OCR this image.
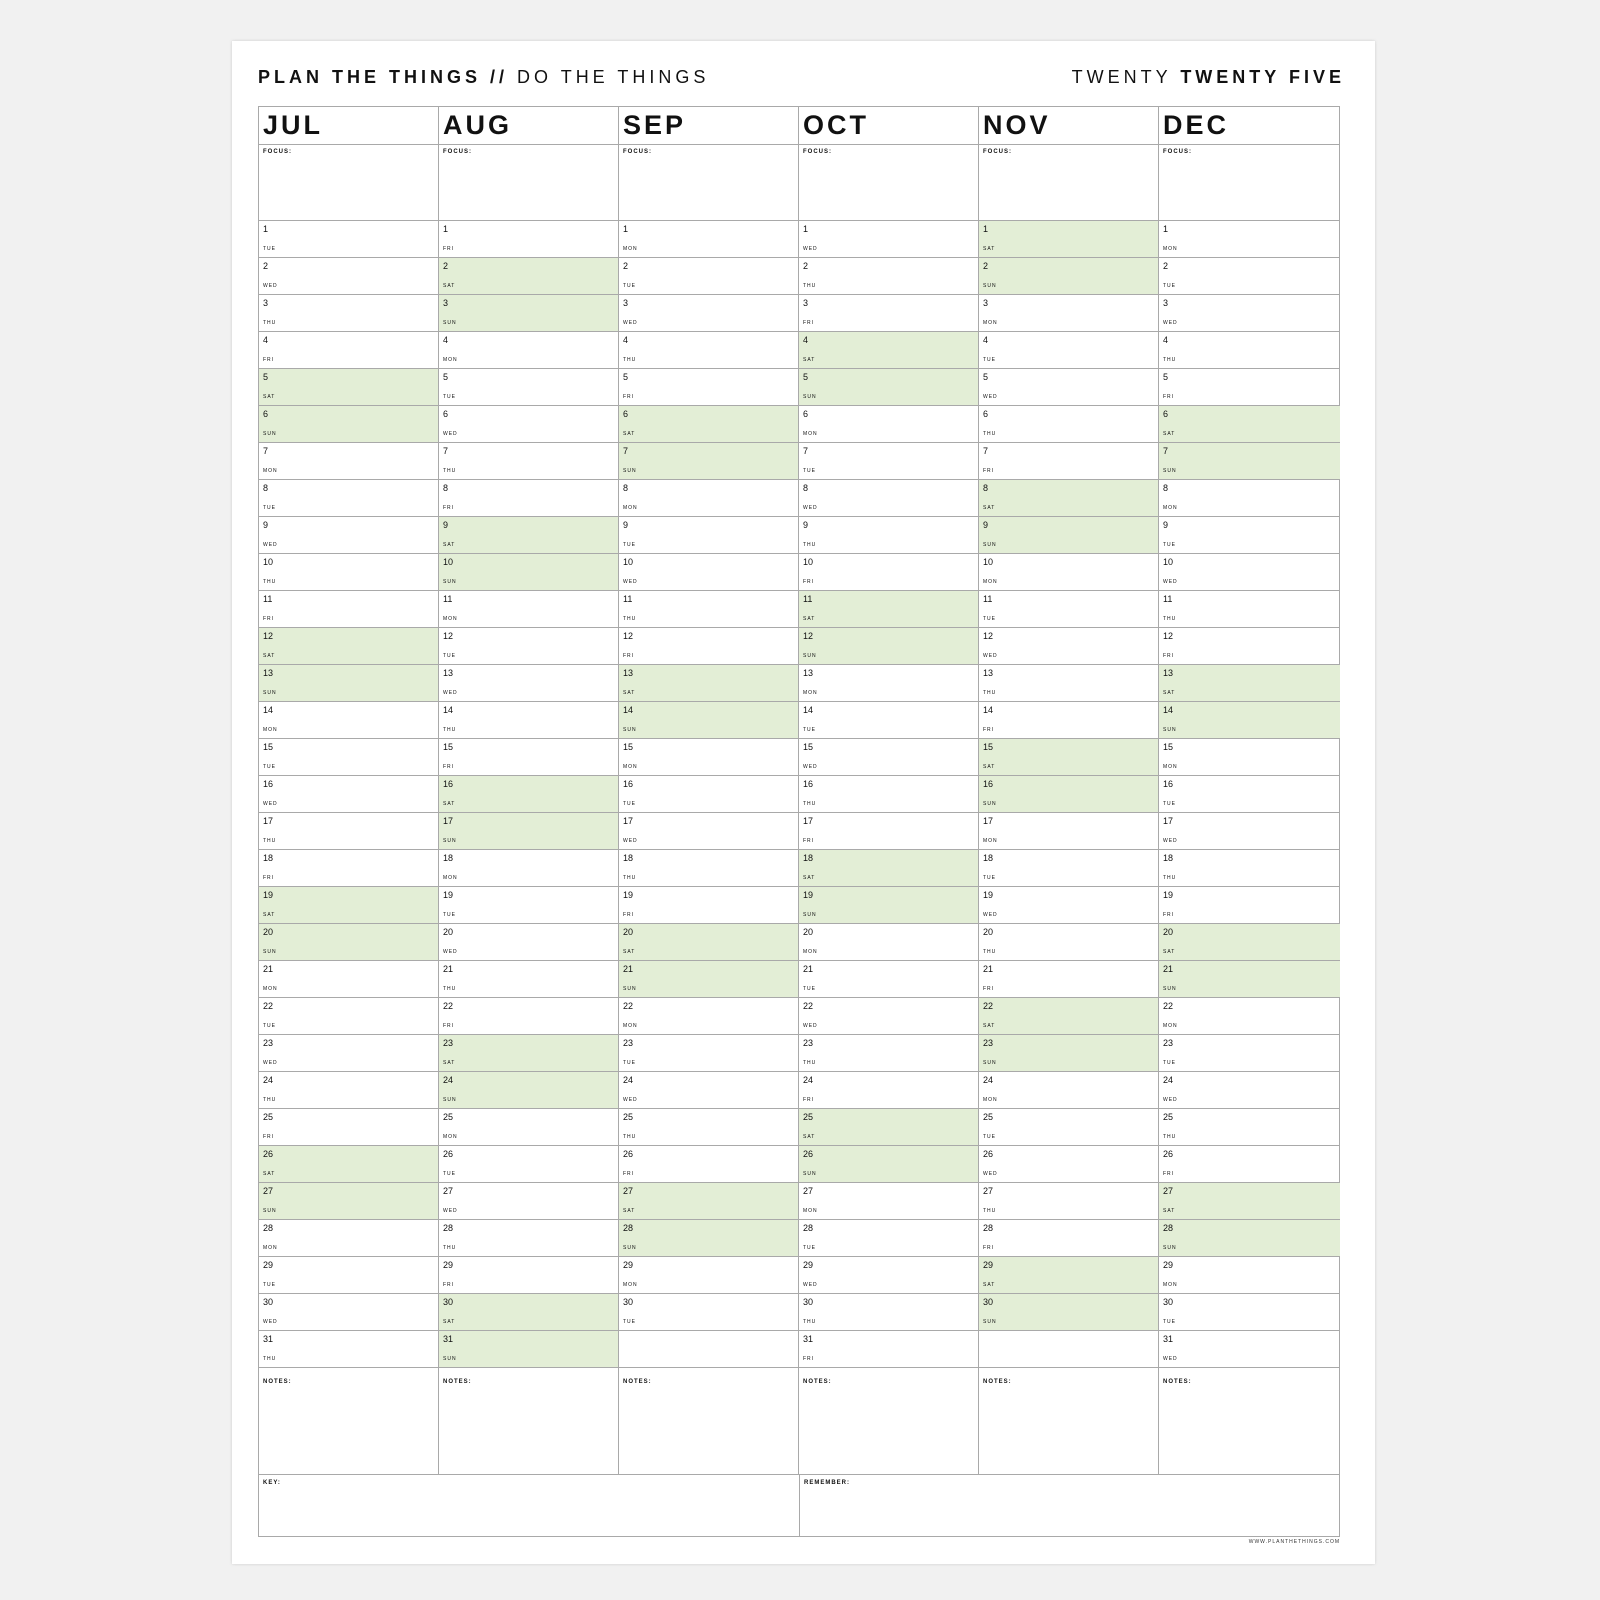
PLAN THE THINGS // DO THE THINGS	TWENTY TWENTY FIVE
KEY:	REMEMBER:
JUL
FOCUS:
1
TUE
2
WED
3
THU
4
FRI
5
SAT
6
SUN
7
MON
8
TUE
9
WED
10
THU
11
FRI
12
SAT
13
SUN
14
MON
15
TUE
16
WED
17
THU
18
FRI
19
SAT
20
SUN
21
MON
22
TUE
23
WED
24
THU
25
FRI
26
SAT
27
SUN
28
MON
29
TUE
30
WED
31
THU
NOTES:
AUG
FOCUS:
1
FRI
2
SAT
3
SUN
4
MON
5
TUE
6
WED
7
THU
8
FRI
9
SAT
10
SUN
11
MON
12
TUE
13
WED
14
THU
15
FRI
16
SAT
17
SUN
18
MON
19
TUE
20
WED
21
THU
22
FRI
23
SAT
24
SUN
25
MON
26
TUE
27
WED
28
THU
29
FRI
30
SAT
31
SUN
NOTES:
SEP
FOCUS:
1
MON
2
TUE
3
WED
4
THU
5
FRI
6
SAT
7
SUN
8
MON
9
TUE
10
WED
11
THU
12
FRI
13
SAT
14
SUN
15
MON
16
TUE
17
WED
18
THU
19
FRI
20
SAT
21
SUN
22
MON
23
TUE
24
WED
25
THU
26
FRI
27
SAT
28
SUN
29
MON
30
TUE
NOTES:
OCT
FOCUS:
1
WED
2
THU
3
FRI
4
SAT
5
SUN
6
MON
7
TUE
8
WED
9
THU
10
FRI
11
SAT
12
SUN
13
MON
14
TUE
15
WED
16
THU
17
FRI
18
SAT
19
SUN
20
MON
21
TUE
22
WED
23
THU
24
FRI
25
SAT
26
SUN
27
MON
28
TUE
29
WED
30
THU
31
FRI
NOTES:
NOV
FOCUS:
1
SAT
2
SUN
3
MON
4
TUE
5
WED
6
THU
7
FRI
8
SAT
9
SUN
10
MON
11
TUE
12
WED
13
THU
14
FRI
15
SAT
16
SUN
17
MON
18
TUE
19
WED
20
THU
21
FRI
22
SAT
23
SUN
24
MON
25
TUE
26
WED
27
THU
28
FRI
29
SAT
30
SUN
NOTES:
DEC
FOCUS:
1
MON
2
TUE
3
WED
4
THU
5
FRI
6
SAT
7
SUN
8
MON
9
TUE
10
WED
11
THU
12
FRI
13
SAT
14
SUN
15
MON
16
TUE
17
WED
18
THU
19
FRI
20
SAT
21
SUN
22
MON
23
TUE
24
WED
25
THU
26
FRI
27
SAT
28
SUN
29
MON
30
TUE
31
WED
NOTES:
WWW.PLANTHETHINGS.COM
